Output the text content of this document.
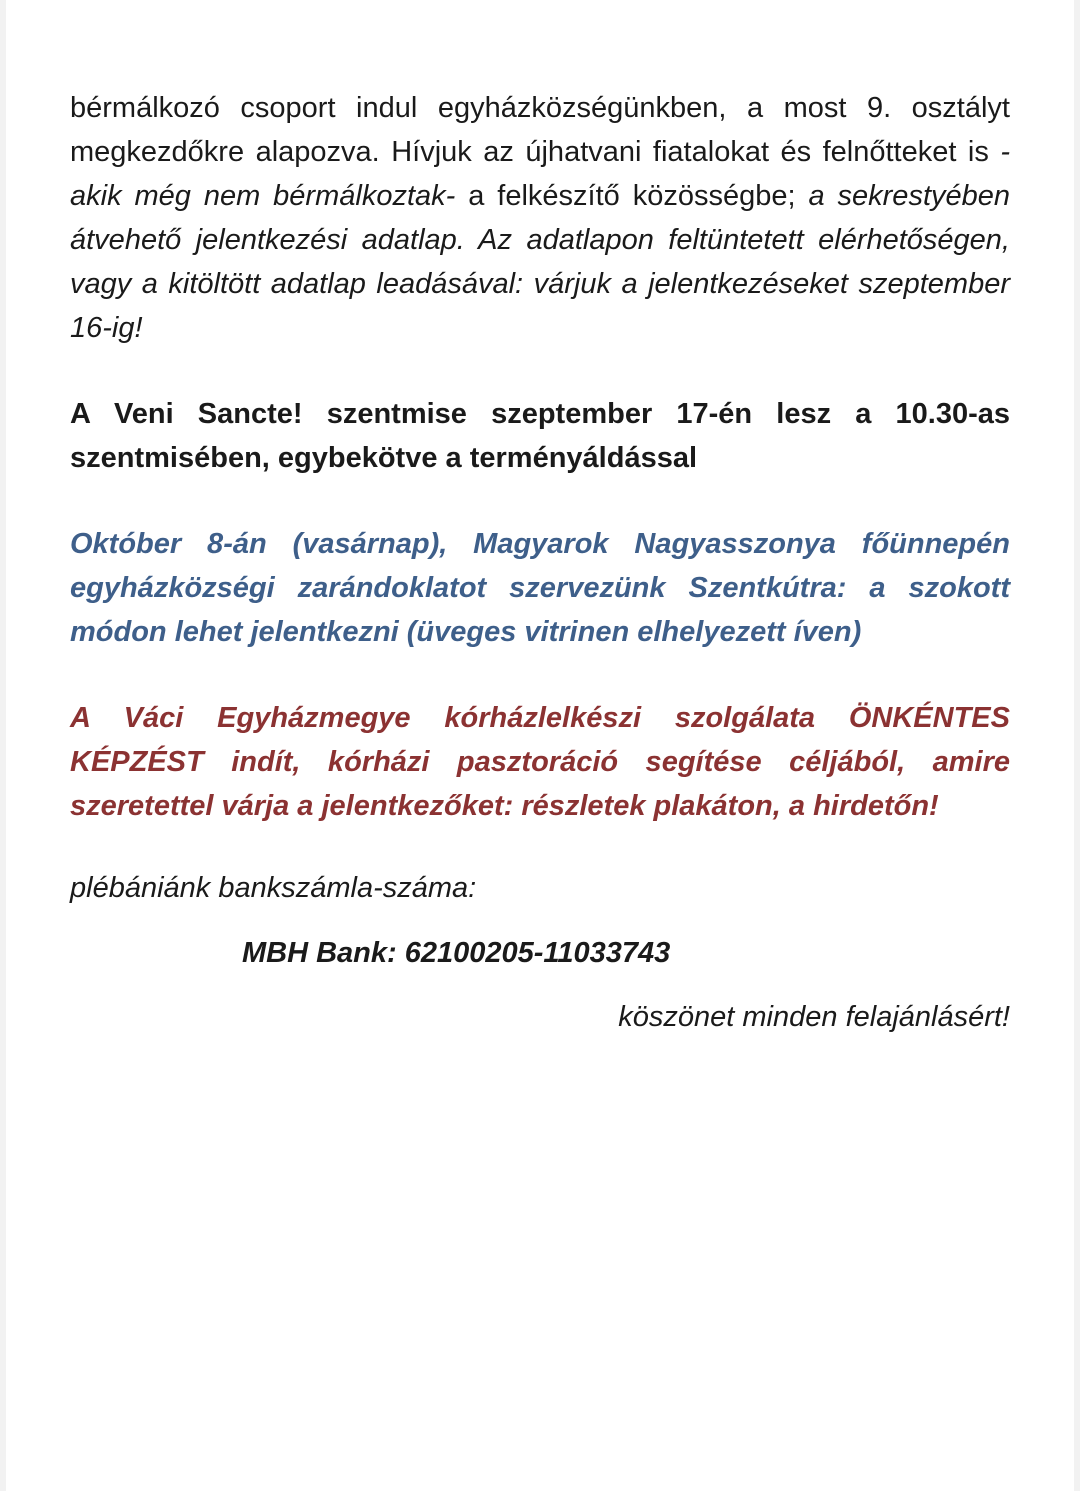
bérmálkozó csoport indul egyházközségünkben, a most 9. osztályt megkezdőkre alapozva. Hívjuk az újhatvani fiatalokat és felnőtteket is -akik még nem bérmálkoztak- a felkészítő közösségbe; a sekrestyében átvehető jelentkezési adatlap. Az adatlapon feltüntetett elérhetőségen, vagy a kitöltött adatlap leadásával: várjuk a jelentkezéseket szeptember 16-ig!

A Veni Sancte! szentmise szeptember 17-én lesz a 10.30-as szentmisében, egybekötve a terményáldással

Október 8-án (vasárnap), Magyarok Nagyasszonya főünnepén egyházközségi zarándoklatot szervezünk Szentkútra: a szokott módon lehet jelentkezni (üveges vitrinen elhelyezett íven)

A Váci Egyházmegye kórházlelkészi szolgálata ÖNKÉNTES KÉPZÉST indít, kórházi pasztoráció segítése céljából, amire szeretettel várja a jelentkezőket: részletek plakáton, a hirdetőn!

plébániánk bankszámla-száma:

MBH Bank: 62100205-11033743

köszönet minden felajánlásért!
